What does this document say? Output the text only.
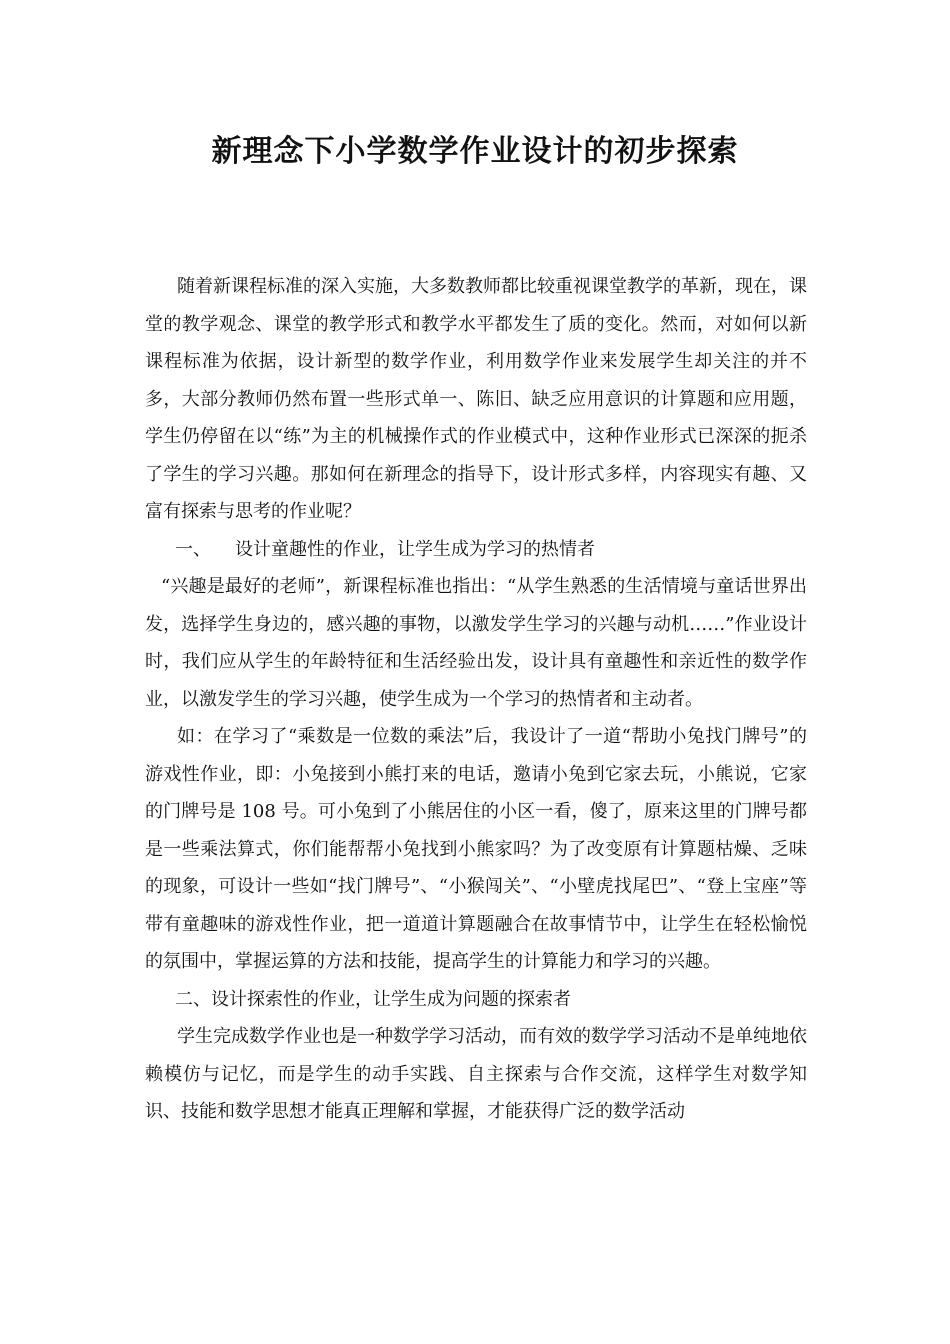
新理念下小学数学作业设计的初步探索

随着新课程标准的深入实施，大多数教师都比较重视课堂教学的革新，现在，课堂的教学观念、课堂的教学形式和教学水平都发生了质的变化。然而，对如何以新课程标准为依据，设计新型的数学作业，利用数学作业来发展学生却关注的并不多，大部分教师仍然布置一些形式单一、陈旧、缺乏应用意识的计算题和应用题，学生仍停留在以“练”为主的机械操作式的作业模式中，这种作业形式已深深的扼杀了学生的学习兴趣。那如何在新理念的指导下，设计形式多样，内容现实有趣、又富有探索与思考的作业呢？

一、 设计童趣性的作业，让学生成为学习的热情者

“兴趣是最好的老师”，新课程标准也指出：“从学生熟悉的生活情境与童话世界出发，选择学生身边的，感兴趣的事物，以激发学生学习的兴趣与动机……”作业设计时，我们应从学生的年龄特征和生活经验出发，设计具有童趣性和亲近性的数学作业，以激发学生的学习兴趣，使学生成为一个学习的热情者和主动者。

如：在学习了“乘数是一位数的乘法”后，我设计了一道“帮助小兔找门牌号”的游戏性作业，即：小兔接到小熊打来的电话，邀请小兔到它家去玩，小熊说，它家的门牌号是 108 号。可小兔到了小熊居住的小区一看，傻了，原来这里的门牌号都是一些乘法算式，你们能帮帮小兔找到小熊家吗？为了改变原有计算题枯燥、乏味的现象，可设计一些如“找门牌号”、“小猴闯关”、“小壁虎找尾巴”、“登上宝座”等带有童趣味的游戏性作业，把一道道计算题融合在故事情节中，让学生在轻松愉悦的氛围中，掌握运算的方法和技能，提高学生的计算能力和学习的兴趣。

二、设计探索性的作业，让学生成为问题的探索者

学生完成数学作业也是一种数学学习活动，而有效的数学学习活动不是单纯地依赖模仿与记忆，而是学生的动手实践、自主探索与合作交流，这样学生对数学知识、技能和数学思想才能真正理解和掌握，才能获得广泛的数学活动
